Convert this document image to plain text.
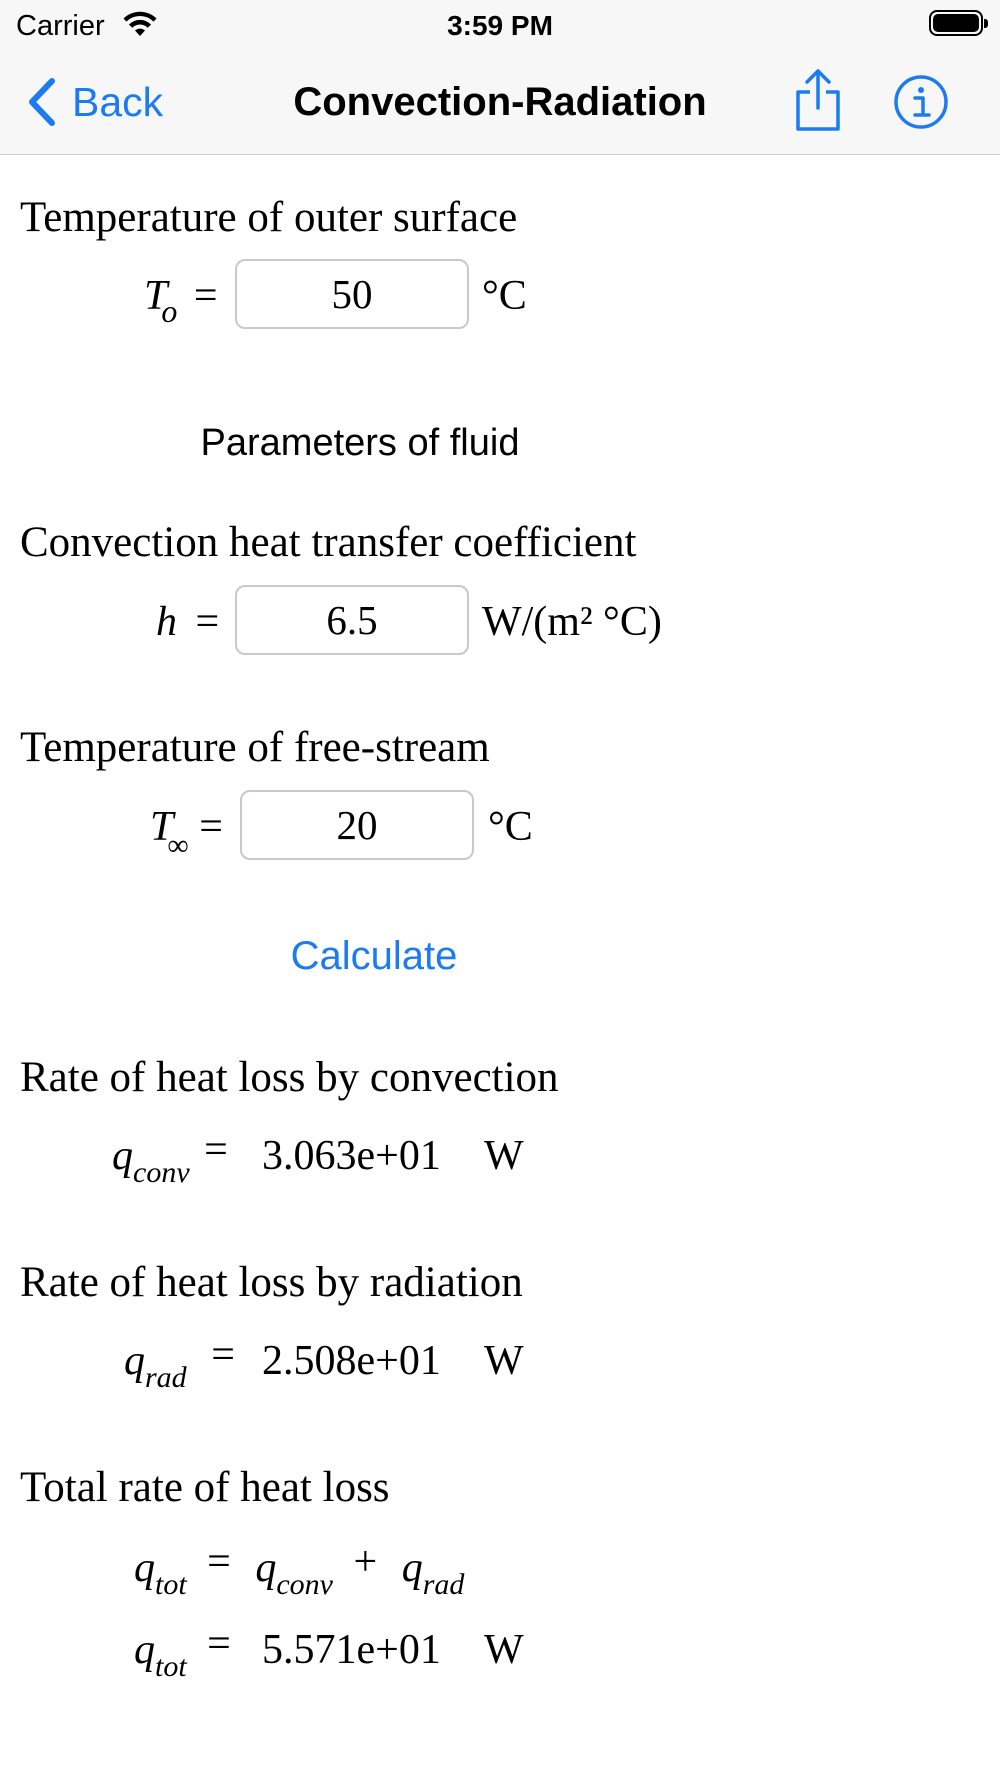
Carrier	3:59 PM
Back	Convection-Radiation
Temperature of outer surface
$T_o$ =	50	°C
Parameters of fluid
Convection heat transfer coefficient
h =	6.5	W/(m² °C)
Temperature of free-stream
$T_\infty$ =	20	°C
Calculate
Rate of heat loss by convection
$q_{conv} = 3.063e+01$ W
Rate of heat loss by radiation
$q_{rad} = 2.508e+01$ W
Total rate of heat loss
$q_{tot} = q_{conv} + q_{rad}$
$q_{tot} = 5.571e+01$ W
